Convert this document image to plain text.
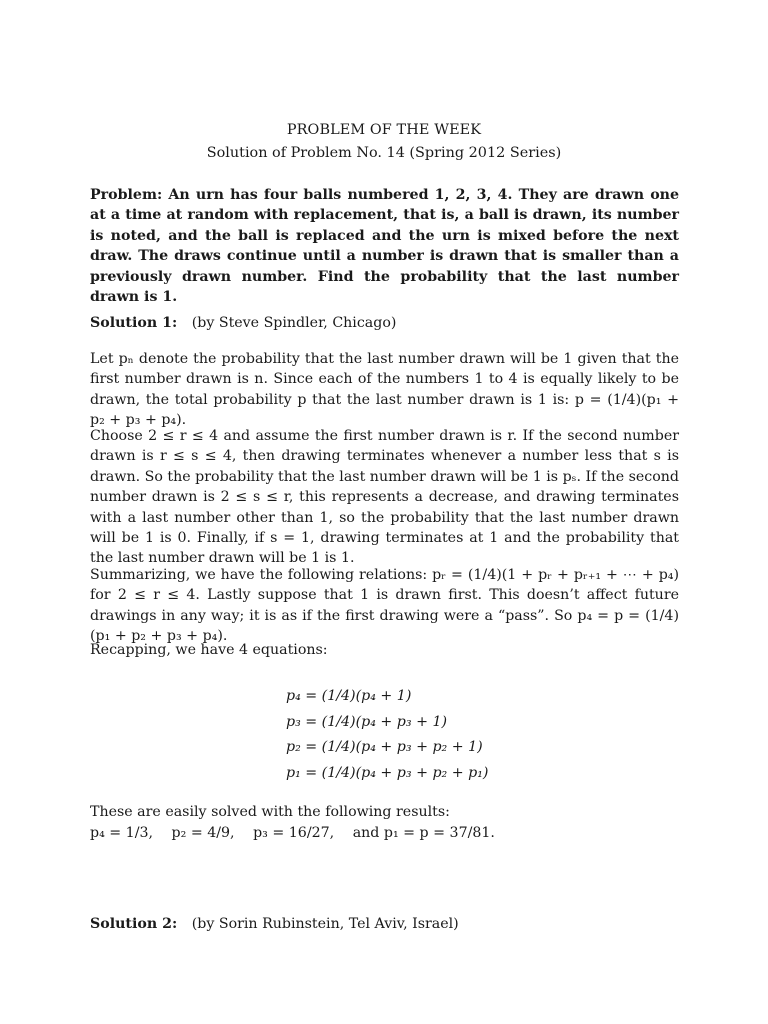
PROBLEM OF THE WEEK
Solution of Problem No. 14 (Spring 2012 Series)

Problem: An urn has four balls numbered 1, 2, 3, 4. They are drawn one at a time at random with replacement, that is, a ball is drawn, its number is noted, and the ball is replaced and the urn is mixed before the next draw. The draws continue until a number is drawn that is smaller than a previously drawn number. Find the probability that the last number drawn is 1.

Solution 1: (by Steve Spindler, Chicago)

Let pₙ denote the probability that the last number drawn will be 1 given that the first number drawn is n. Since each of the numbers 1 to 4 is equally likely to be drawn, the total probability p that the last number drawn is 1 is: p = (1/4)(p₁ + p₂ + p₃ + p₄).

Choose 2 ≤ r ≤ 4 and assume the first number drawn is r. If the second number drawn is r ≤ s ≤ 4, then drawing terminates whenever a number less that s is drawn. So the probability that the last number drawn will be 1 is pₛ. If the second number drawn is 2 ≤ s ≤ r, this represents a decrease, and drawing terminates with a last number other than 1, so the probability that the last number drawn will be 1 is 0. Finally, if s = 1, drawing terminates at 1 and the probability that the last number drawn will be 1 is 1.

Summarizing, we have the following relations: pᵣ = (1/4)(1 + pᵣ + pᵣ₊₁ + ⋯ + p₄) for 2 ≤ r ≤ 4. Lastly suppose that 1 is drawn first. This doesn’t affect future drawings in any way; it is as if the first drawing were a “pass”. So p₄ = p = (1/4)(p₁ + p₂ + p₃ + p₄).

Recapping, we have 4 equations:
p₄ = (1/4)(p₄ + 1)
p₃ = (1/4)(p₄ + p₃ + 1)
p₂ = (1/4)(p₄ + p₃ + p₂ + 1)
p₁ = (1/4)(p₄ + p₃ + p₂ + p₁)
These are easily solved with the following results:
p₄ = 1/3, p₂ = 4/9, p₃ = 16/27, and p₁ = p = 37/81.
Solution 2: (by Sorin Rubinstein, Tel Aviv, Israel)
